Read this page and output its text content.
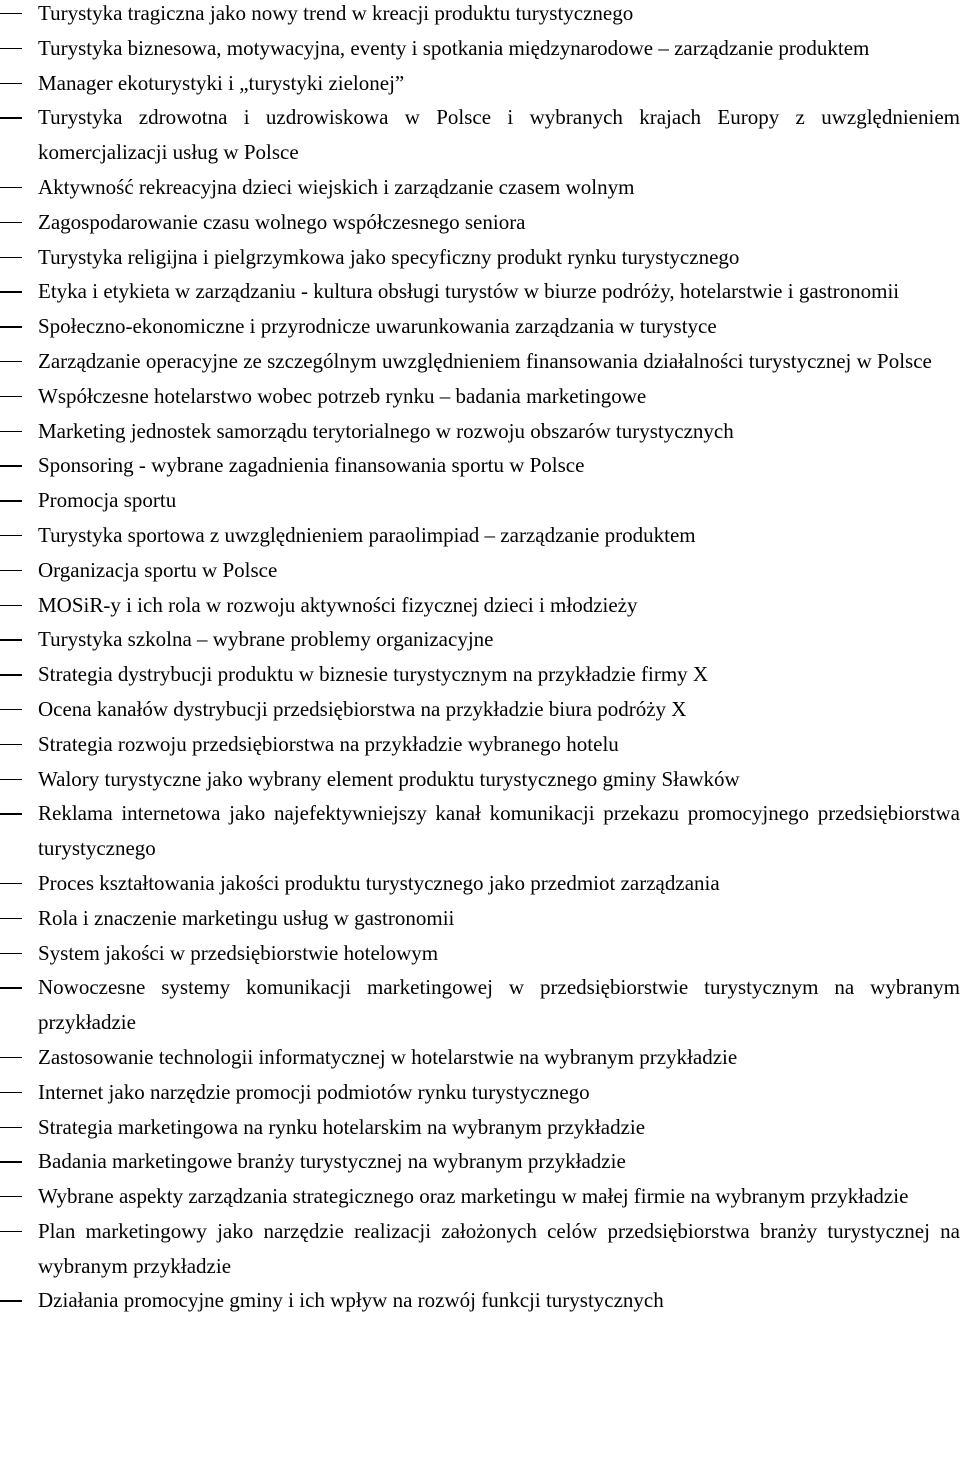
Turystyka tragiczna jako nowy trend w kreacji produktu turystycznego
Turystyka biznesowa, motywacyjna, eventy i spotkania międzynarodowe – zarządzanie produktem
Manager ekoturystyki i „turystyki zielonej”
Turystyka zdrowotna i uzdrowiskowa w Polsce i wybranych krajach Europy z uwzględnieniem komercjalizacji usług w Polsce
Aktywność rekreacyjna dzieci wiejskich i zarządzanie czasem wolnym
Zagospodarowanie czasu wolnego współczesnego seniora
Turystyka religijna i pielgrzymkowa jako specyficzny produkt rynku turystycznego
Etyka i etykieta w zarządzaniu - kultura obsługi turystów w biurze podróży, hotelarstwie i gastronomii
Społeczno-ekonomiczne i przyrodnicze uwarunkowania zarządzania w turystyce
Zarządzanie operacyjne ze szczególnym uwzględnieniem finansowania działalności turystycznej w Polsce
Współczesne hotelarstwo wobec potrzeb rynku – badania marketingowe
Marketing jednostek samorządu terytorialnego w rozwoju obszarów turystycznych
Sponsoring - wybrane zagadnienia finansowania sportu w Polsce
Promocja sportu
Turystyka sportowa z uwzględnieniem paraolimpiad – zarządzanie produktem
Organizacja sportu w Polsce
MOSiR-y i ich rola w rozwoju aktywności fizycznej dzieci i młodzieży
Turystyka szkolna – wybrane problemy organizacyjne
Strategia dystrybucji produktu w biznesie turystycznym na przykładzie firmy X
Ocena kanałów dystrybucji przedsiębiorstwa na przykładzie biura podróży X
Strategia rozwoju przedsiębiorstwa na przykładzie wybranego hotelu
Walory turystyczne jako wybrany element produktu turystycznego gminy Sławków
Reklama internetowa jako najefektywniejszy kanał komunikacji przekazu promocyjnego przedsiębiorstwa turystycznego
Proces kształtowania jakości produktu turystycznego jako przedmiot zarządzania
Rola i znaczenie marketingu usług w gastronomii
System jakości w przedsiębiorstwie hotelowym
Nowoczesne systemy komunikacji marketingowej w przedsiębiorstwie turystycznym na wybranym przykładzie
Zastosowanie technologii informatycznej w hotelarstwie na wybranym przykładzie
Internet jako narzędzie promocji podmiotów rynku turystycznego
Strategia marketingowa na rynku hotelarskim na wybranym przykładzie
Badania marketingowe branży turystycznej na wybranym przykładzie
Wybrane aspekty zarządzania strategicznego oraz marketingu w małej firmie na wybranym przykładzie
Plan marketingowy jako narzędzie realizacji założonych celów przedsiębiorstwa branży turystycznej na wybranym przykładzie
Działania promocyjne gminy i ich wpływ na rozwój funkcji turystycznych
